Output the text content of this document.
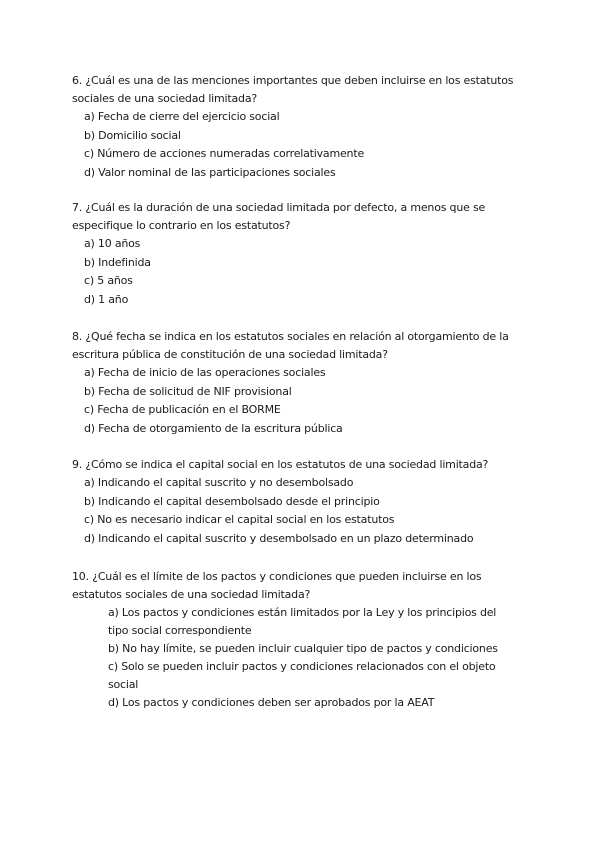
6. ¿Cuál es una de las menciones importantes que deben incluirse en los estatutos sociales de una sociedad limitada?

a) Fecha de cierre del ejercicio social
b) Domicilio social
c) Número de acciones numeradas correlativamente
d) Valor nominal de las participaciones sociales

7. ¿Cuál es la duración de una sociedad limitada por defecto, a menos que se especifique lo contrario en los estatutos?

a) 10 años
b) Indefinida
c) 5 años
d) 1 año

8. ¿Qué fecha se indica en los estatutos sociales en relación al otorgamiento de la escritura pública de constitución de una sociedad limitada?

a) Fecha de inicio de las operaciones sociales
b) Fecha de solicitud de NIF provisional
c) Fecha de publicación en el BORME
d) Fecha de otorgamiento de la escritura pública

9. ¿Cómo se indica el capital social en los estatutos de una sociedad limitada?

a) Indicando el capital suscrito y no desembolsado
b) Indicando el capital desembolsado desde el principio
c) No es necesario indicar el capital social en los estatutos
d) Indicando el capital suscrito y desembolsado en un plazo determinado

10. ¿Cuál es el límite de los pactos y condiciones que pueden incluirse en los estatutos sociales de una sociedad limitada?

a) Los pactos y condiciones están limitados por la Ley y los principios del tipo social correspondiente
b) No hay límite, se pueden incluir cualquier tipo de pactos y condiciones
c) Solo se pueden incluir pactos y condiciones relacionados con el objeto social
d) Los pactos y condiciones deben ser aprobados por la AEAT
